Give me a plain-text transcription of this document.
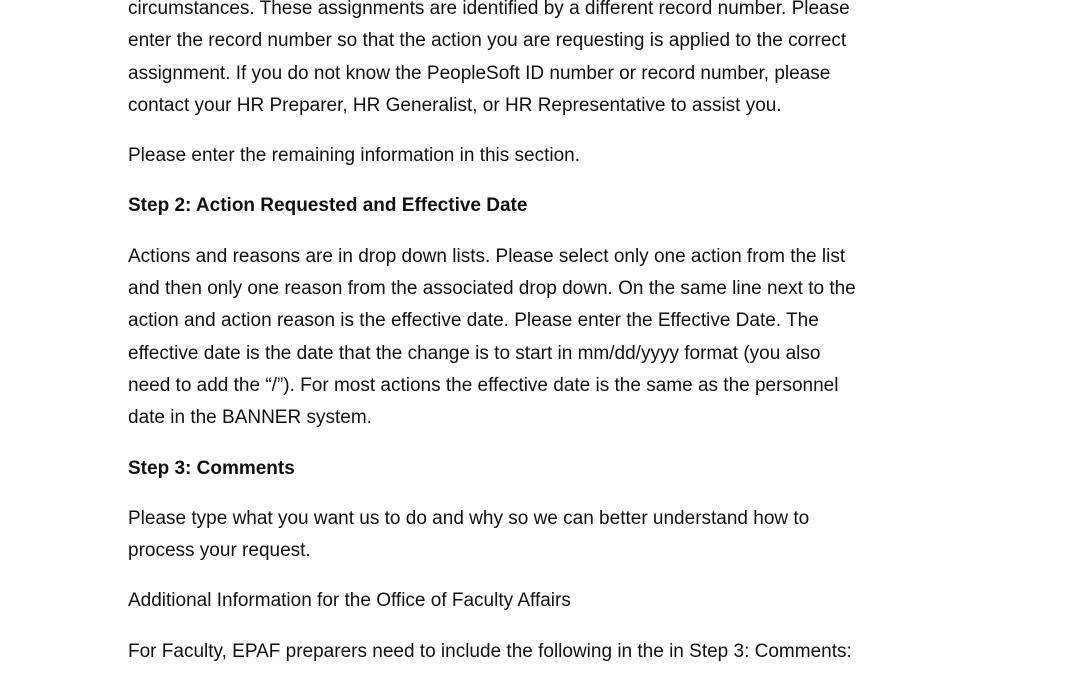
circumstances. These assignments are identified by a different record number. Please

enter the record number so that the action you are requesting is applied to the correct

assignment. If you do not know the PeopleSoft ID number or record number, please

contact your HR Preparer, HR Generalist, or HR Representative to assist you.

Please enter the remaining information in this section.

Step 2: Action Requested and Effective Date

Actions and reasons are in drop down lists. Please select only one action from the list

and then only one reason from the associated drop down. On the same line next to the

action and action reason is the effective date. Please enter the Effective Date. The

effective date is the date that the change is to start in mm/dd/yyyy format (you also

need to add the “/”). For most actions the effective date is the same as the personnel

date in the BANNER system.

Step 3: Comments

Please type what you want us to do and why so we can better understand how to

process your request.

Additional Information for the Office of Faculty Affairs

For Faculty, EPAF preparers need to include the following in the in Step 3: Comments:
